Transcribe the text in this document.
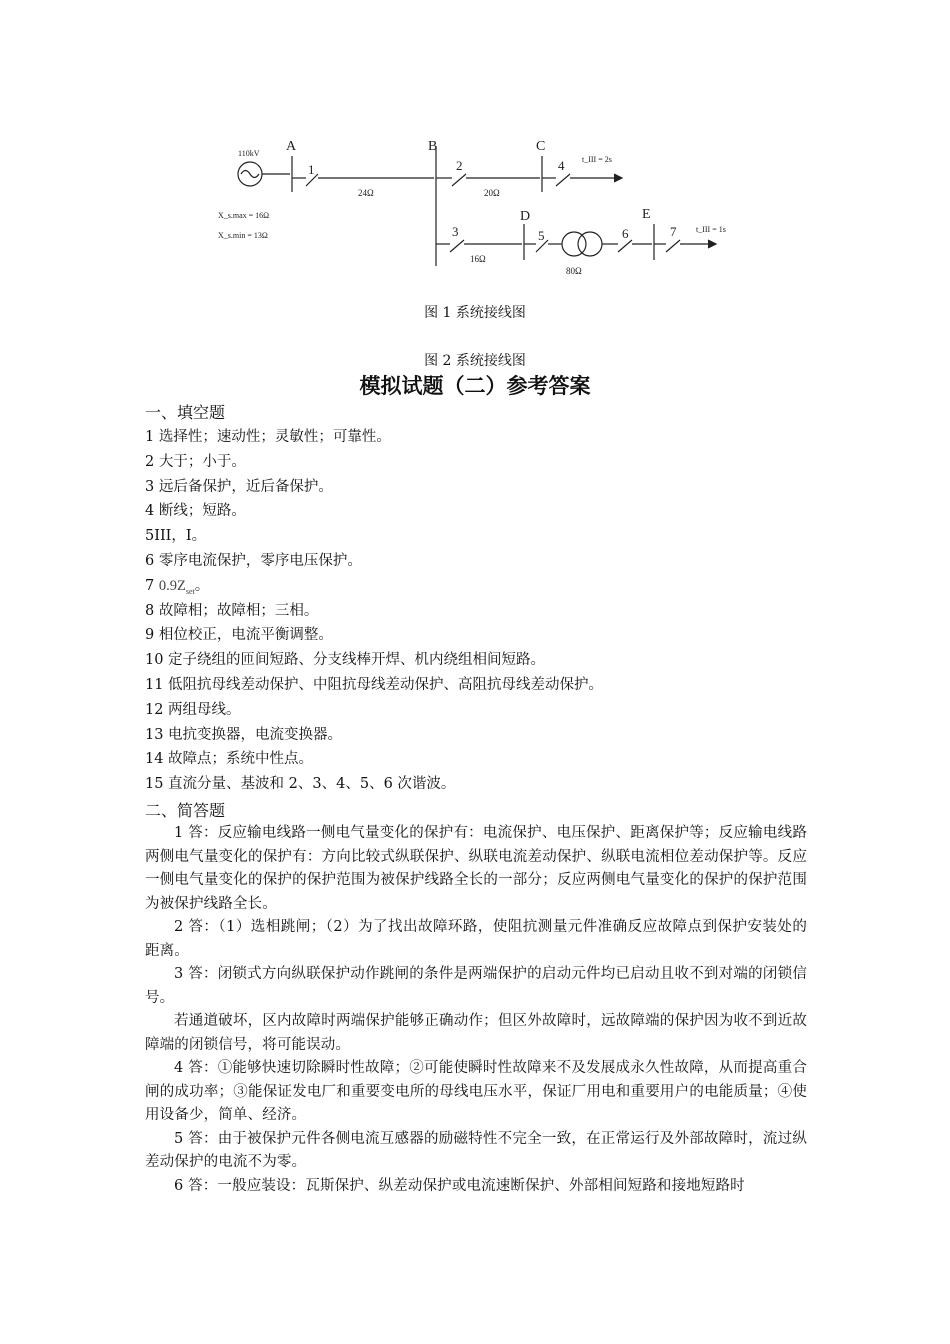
A	B	C
D	E
1	2
3
4
5	6	7
110kV
X_s.max = 16Ω
X_s.min = 13Ω
t_III = 2s
t_III = 1s
24Ω	20Ω
16Ω
80Ω
图 1 系统接线图
图 2 系统接线图
模拟试题（二）参考答案
一、填空题
1 选择性；速动性；灵敏性；可靠性。
2 大于；小于。
3 远后备保护，近后备保护。
4 断线；短路。
5III，I。
6 零序电流保护，零序电压保护。
7 $0.9Z_{set}$。
8 故障相；故障相；三相。
9 相位校正，电流平衡调整。
10 定子绕组的匝间短路、分支线棒开焊、机内绕组相间短路。
11 低阻抗母线差动保护、中阻抗母线差动保护、高阻抗母线差动保护。
12 两组母线。
13 电抗变换器，电流变换器。
14 故障点；系统中性点。
15 直流分量、基波和 2、3、4、5、6 次谐波。
二、简答题

1 答：反应输电线路一侧电气量变化的保护有：电流保护、电压保护、距离保护等；反应输电线路两侧电气量变化的保护有：方向比较式纵联保护、纵联电流差动保护、纵联电流相位差动保护等。反应一侧电气量变化的保护的保护范围为被保护线路全长的一部分；反应两侧电气量变化的保护的保护范围为被保护线路全长。

2 答：（1）选相跳闸；（2）为了找出故障环路，使阻抗测量元件准确反应故障点到保护安装处的距离。

3 答：闭锁式方向纵联保护动作跳闸的条件是两端保护的启动元件均已启动且收不到对端的闭锁信号。

若通道破坏，区内故障时两端保护能够正确动作；但区外故障时，远故障端的保护因为收不到近故障端的闭锁信号，将可能误动。

4 答：①能够快速切除瞬时性故障；②可能使瞬时性故障来不及发展成永久性故障，从而提高重合闸的成功率；③能保证发电厂和重要变电所的母线电压水平，保证厂用电和重要用户的电能质量；④使用设备少，简单、经济。

5 答：由于被保护元件各侧电流互感器的励磁特性不完全一致，在正常运行及外部故障时，流过纵差动保护的电流不为零。

6 答：一般应装设：瓦斯保护、纵差动保护或电流速断保护、外部相间短路和接地短路时
